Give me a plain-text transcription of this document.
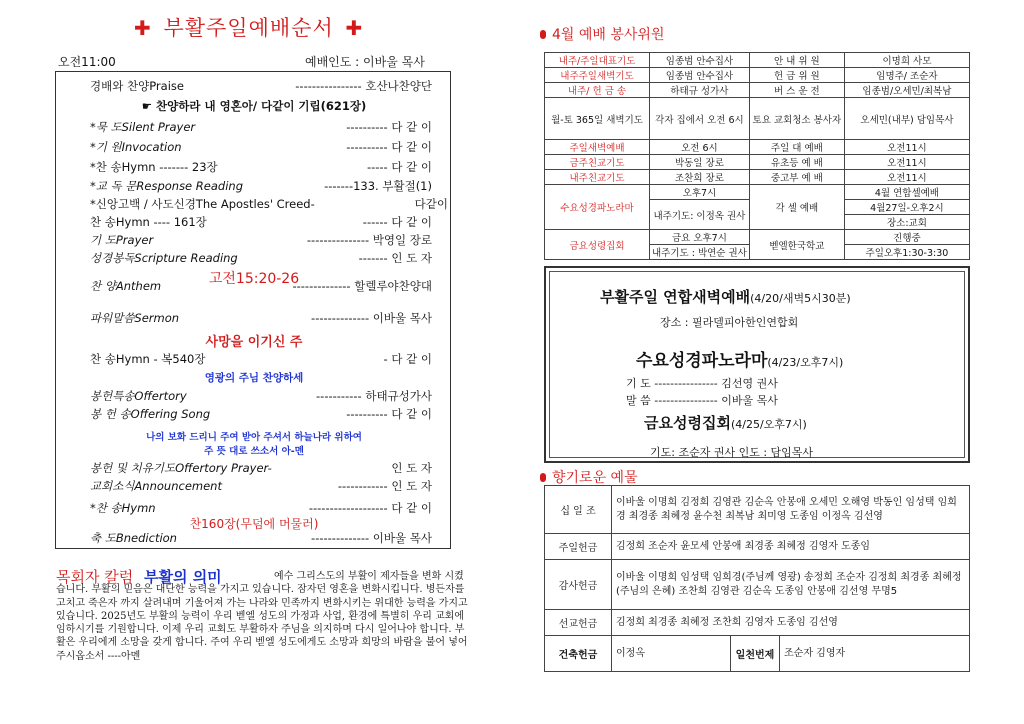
✚ 부활주일예배순서 ✚
오전11:00	예배인도 : 이바울 목사
경배와 찬양Praise	---------------- 호산나찬양단
☛ 찬양하라 내 영혼아/ 다같이 기립(621장)
*묵 도Silent Prayer	---------- 다 같 이
*기 원Invocation	---------- 다 같 이
*찬 송Hymn ------- 23장	----- 다 같 이
*교 독 문Response Reading	-------133. 부활절(1)
*신앙고백 / 사도신경The Apostles' Creed-	다같이
찬 송Hymn ---- 161장	------ 다 같 이
기 도Prayer	--------------- 박영일 장로
성경봉독Scripture Reading	------- 인 도 자
고전15:20-26
찬 양Anthem	-------------- 할렐루야찬양대
파워말씀Sermon	-------------- 이바울 목사
사망을 이기신 주
찬 송Hymn - 복540장	- 다 같 이
영광의 주님 찬양하세
봉헌특송Offertory	----------- 하태규성가사
봉 헌 송Offering Song	---------- 다 같 이
나의 보화 드리니 주여 받아 주셔서 하늘나라 위하여
주 뜻 대로 쓰소서 아-멘
봉헌 및 치유기도Offertory Prayer-	인 도 자
교회소식Announcement	------------ 인 도 자
*찬 송Hymn	------------------- 다 같 이
찬160장(무덤에 머물러)
축 도Bnediction	-------------- 이바울 목사
목회자 칼럼 부활의 의미	예수 그리스도의 부활이 제자들을 변화 시켰습니다. 부활의 믿음은 대단한 능력을 가지고 있습니다. 잠자던 영혼을 변화시킵니다. 병든자를 고치고 죽은자 까지 살려내며 기울어져 가는 나라와 민족까지 변화시키는 위대한 능력을 가지고 있습니다. 2025년도 부활의 능력이 우리 벧엘 성도의 가정과 사업, 환경에 특별히 우리 교회에 임하시기를 기원합니다. 이제 우리 교회도 부활하자 주님을 의지하며 다시 일어나야 합니다. 부활은 우리에게 소망을 갖게 합니다. 주여 우리 벧엘 성도에게도 소망과 희망의 바람을 불어 넣어 주시옵소서 ----아멘
4월 예배 봉사위원
내주/주일대표기도	임종범 안수집사	안 내 위 원	이명희 사모
내주주일새벽기도	임종범 안수집사	헌 금 위 원	임명주/ 조순자
내주/ 헌 금 송	하태규 성가사	버 스 운 전	임종범/오세민/최복남
월-토 365일 새벽기도	각자 집에서 오전 6시	토요 교회청소 봉사자	오세민(내부) 담임목사
주일새벽예배	오전 6시	주일 대 예배	오전11시
금주친교기도	박동일 장로	유초등 예 배	오전11시
내주친교기도	조찬희 장로	중고부 예 배	오전11시
수요성경파노라마	오후7시	각 셀 예배	4월 연합셀예배
	내주기도: 이정옥 권사		4월27일-오후2시
			장소:교회
금요성령집회	금요 오후7시	벧엘한국학교	진행중
	내주기도 : 박연순 권사		주일오후1:30-3:30
부활주일 연합새벽예배(4/20/새벽5시30분)
장소 : 필라델피아한인연합회
수요성경파노라마(4/23/오후7시)
기 도 ---------------- 김선영 권사
말 씀 ---------------- 이바울 목사
금요성령집회(4/25/오후7시)
기도: 조순자 권사 인도 : 담임목사
향기로운 예물
십 일 조	이바울 이명희 김정희 김영관 김순옥 안봉애 오세민 오해영 박동인 임성택 임희경 최경종 최혜정 윤수천 최복남 최미영 도종임 이정옥 김선영		
주일헌금	김정희 조순자 윤모세 안봉애 최경종 최혜정 김영자 도종임		
감사헌금	이바울 이명희 임성택 임희경(주님께 영광) 송정희 조순자 김정희 최경종 최혜정(주님의 은혜) 조찬희 김영관 김순옥 도종임 안봉애 김선영 무명5		
선교헌금	김정희 최경종 최혜정 조찬희 김영자 도종임 김선영		
건축헌금	이정옥	일천번제	조순자 김영자
